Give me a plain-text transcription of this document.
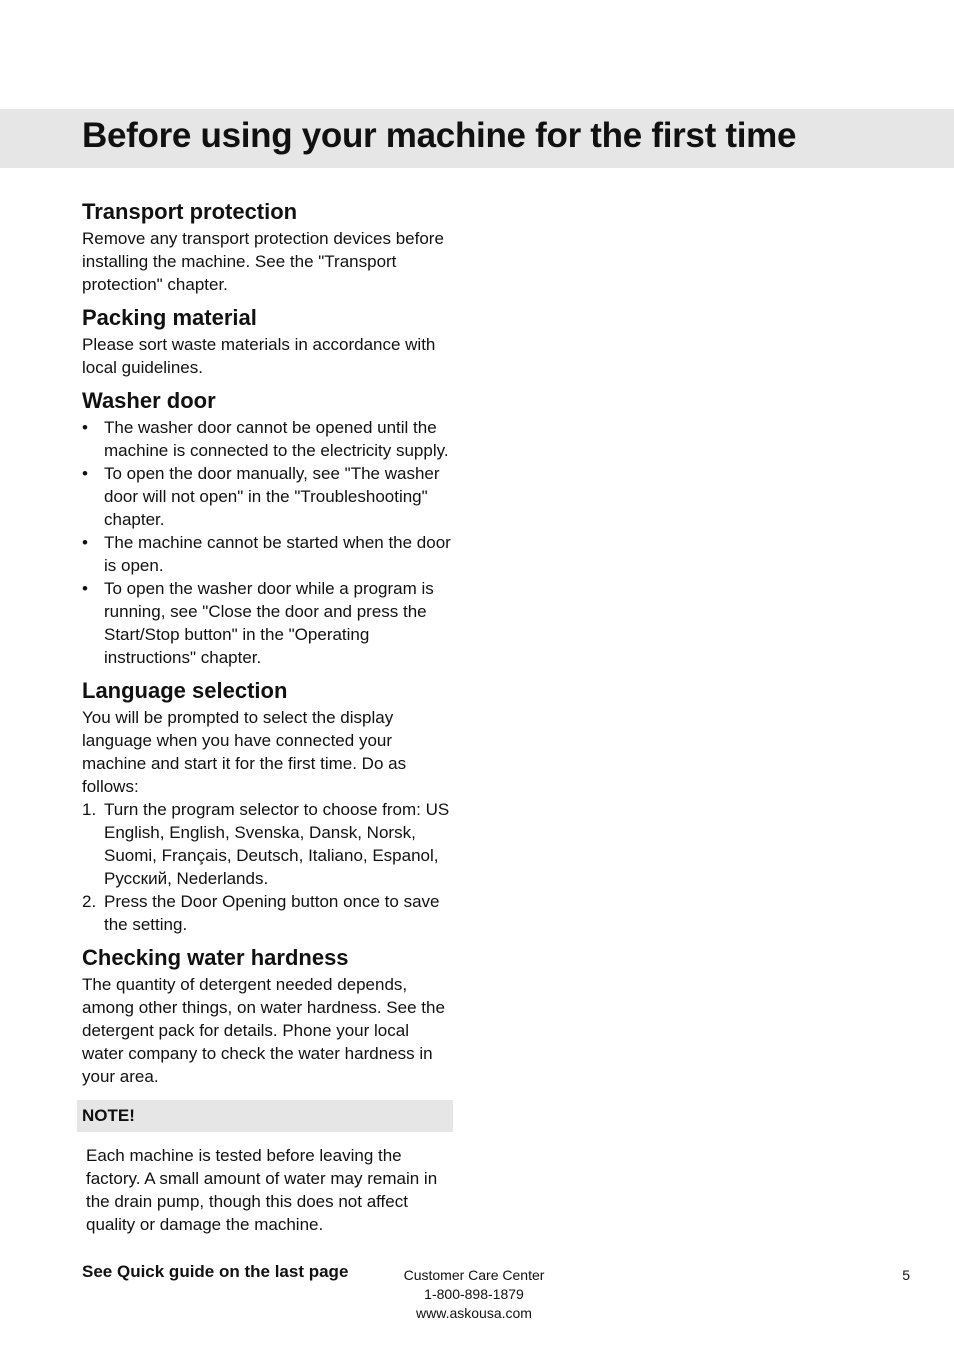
Before using your machine for the first time
Transport protection

Remove any transport protection devices before installing the machine. See the "Transport protection" chapter.

Packing material

Please sort waste materials in accordance with local guidelines.

Washer door
• The washer door cannot be opened until the machine is connected to the electricity supply.
• To open the door manually, see "The washer door will not open" in the "Troubleshooting" chapter.
• The machine cannot be started when the door is open.
• To open the washer door while a program is running, see "Close the door and press the Start/Stop button" in the "Operating instructions" chapter.
Language selection

You will be prompted to select the display language when you have connected your machine and start it for the first time. Do as follows:

1. Turn the program selector to choose from: US English, English, Svenska, Dansk, Norsk, Suomi, Français, Deutsch, Italiano, Espanol, Русский, Nederlands.
2. Press the Door Opening button once to save the setting.
Checking water hardness

The quantity of detergent needed depends, among other things, on water hardness. See the detergent pack for details. Phone your local water company to check the water hardness in your area.

NOTE!

Each machine is tested before leaving the factory. A small amount of water may remain in the drain pump, though this does not affect quality or damage the machine.

See Quick guide on the last page	Customer Care Center
1-800-898-1879
www.askousa.com
5
